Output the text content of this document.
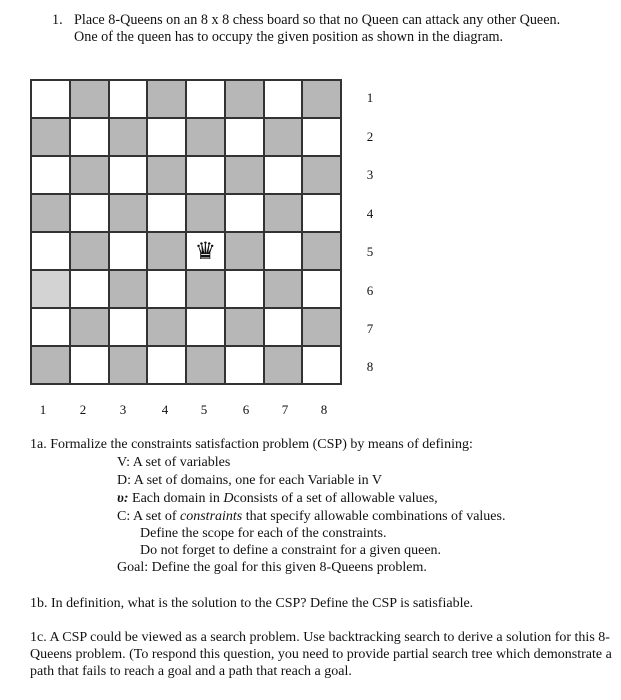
1. Place 8-Queens on an 8 x 8 chess board so that no Queen can attack any other Queen.
One of the queen has to occupy the given position as shown in the diagram.
♛
1
2
3
4
5
6
7
8
1	2	3	4	5	6	7	8
1a. Formalize the constraints satisfaction problem (CSP) by means of defining:
V: A set of variables
D: A set of domains, one for each Variable in V
υ: Each domain in Dconsists of a set of allowable values,
C: A set of constraints that specify allowable combinations of values.
Define the scope for each of the constraints.
Do not forget to define a constraint for a given queen.
Goal: Define the goal for this given 8-Queens problem.
1b. In definition, what is the solution to the CSP? Define the CSP is satisfiable.
1c. A CSP could be viewed as a search problem. Use backtracking search to derive a solution for this 8-
Queens problem. (To respond this question, you need to provide partial search tree which demonstrate a
path that fails to reach a goal and a path that reach a goal.
